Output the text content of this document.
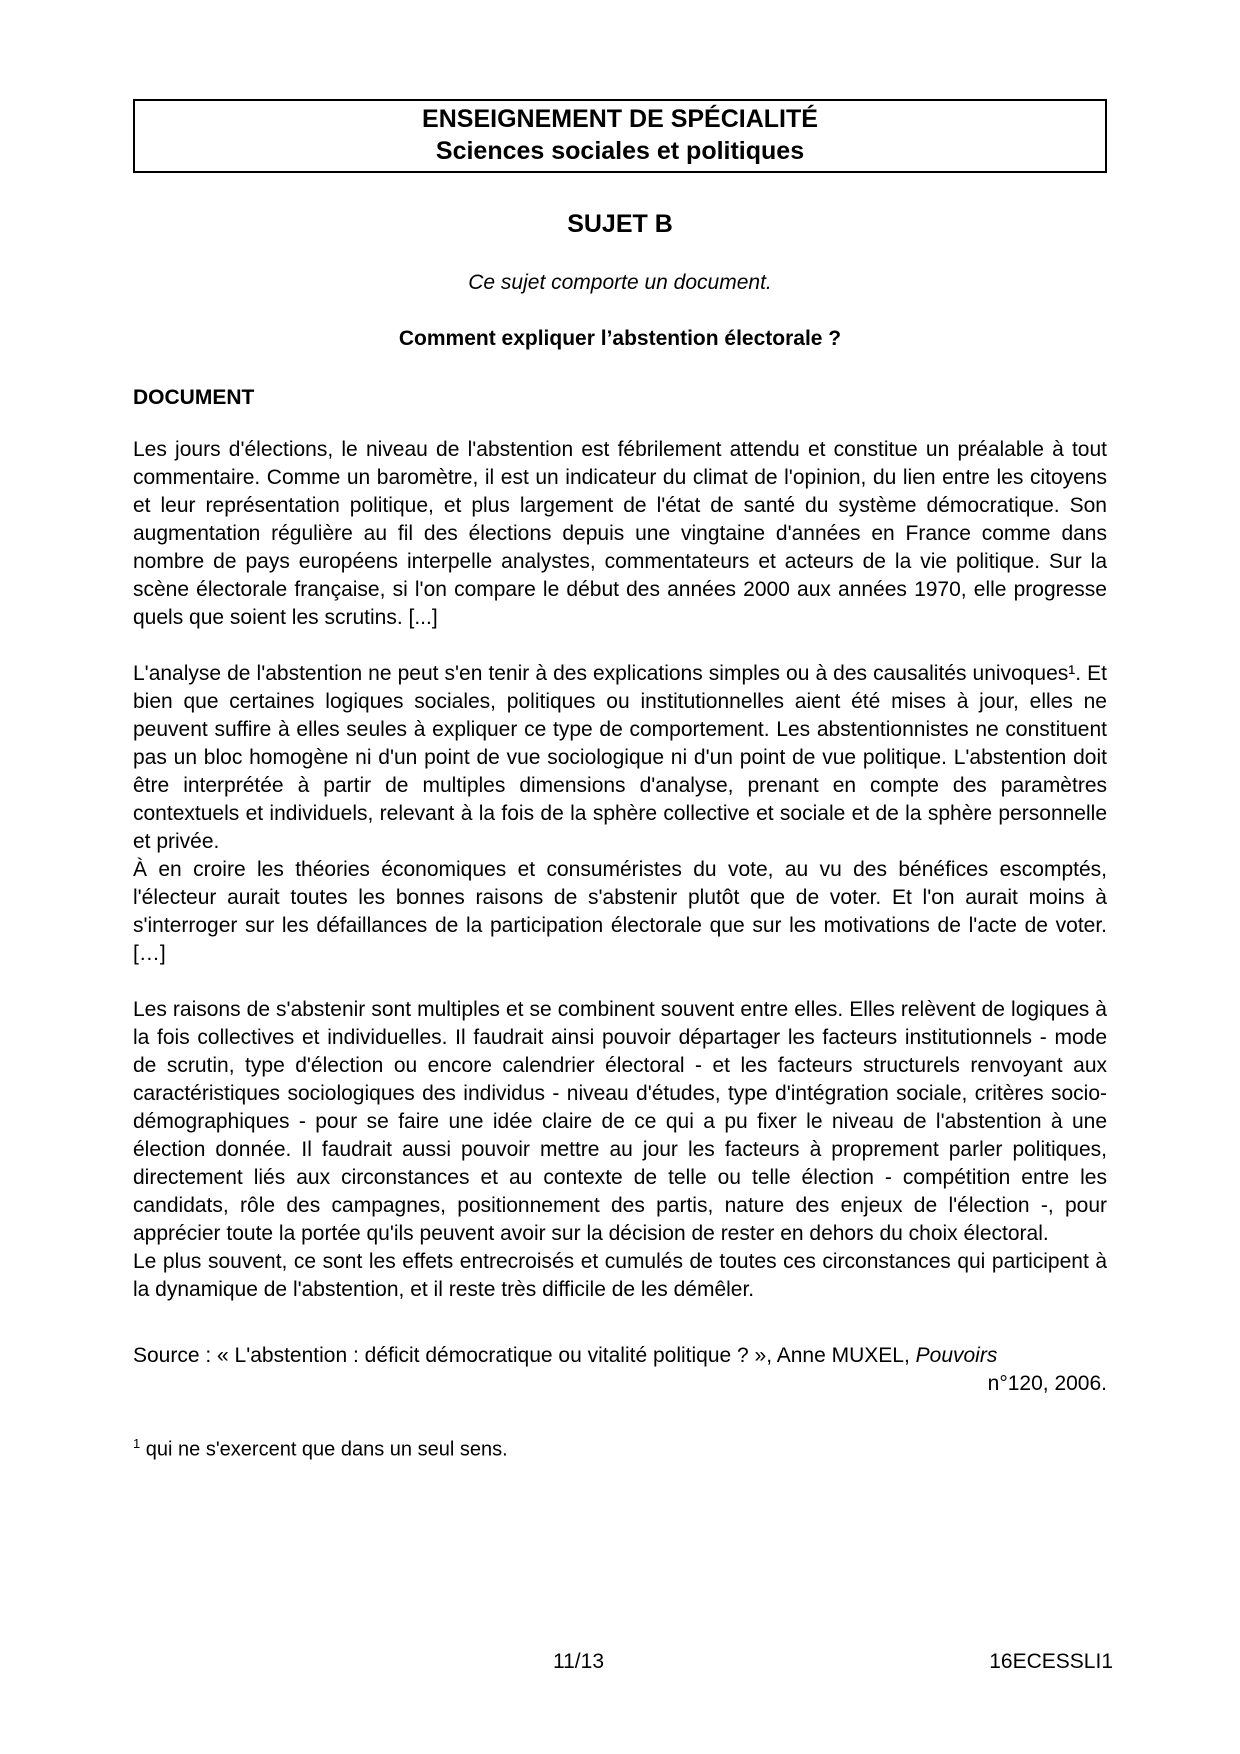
ENSEIGNEMENT DE SPÉCIALITÉ
Sciences sociales et politiques
SUJET B
Ce sujet comporte un document.
Comment expliquer l’abstention électorale ?
DOCUMENT

Les jours d'élections, le niveau de l'abstention est fébrilement attendu et constitue un préalable à tout commentaire. Comme un baromètre, il est un indicateur du climat de l'opinion, du lien entre les citoyens et leur représentation politique, et plus largement de l'état de santé du système démocratique. Son augmentation régulière au fil des élections depuis une vingtaine d'années en France comme dans nombre de pays européens interpelle analystes, commentateurs et acteurs de la vie politique. Sur la scène électorale française, si l'on compare le début des années 2000 aux années 1970, elle progresse quels que soient les scrutins. [...]

L'analyse de l'abstention ne peut s'en tenir à des explications simples ou à des causalités univoques¹. Et bien que certaines logiques sociales, politiques ou institutionnelles aient été mises à jour, elles ne peuvent suffire à elles seules à expliquer ce type de comportement. Les abstentionnistes ne constituent pas un bloc homogène ni d'un point de vue sociologique ni d'un point de vue politique. L'abstention doit être interprétée à partir de multiples dimensions d'analyse, prenant en compte des paramètres contextuels et individuels, relevant à la fois de la sphère collective et sociale et de la sphère personnelle et privée.

À en croire les théories économiques et consuméristes du vote, au vu des bénéfices escomptés, l'électeur aurait toutes les bonnes raisons de s'abstenir plutôt que de voter. Et l'on aurait moins à s'interroger sur les défaillances de la participation électorale que sur les motivations de l'acte de voter. […]

Les raisons de s'abstenir sont multiples et se combinent souvent entre elles. Elles relèvent de logiques à la fois collectives et individuelles. Il faudrait ainsi pouvoir départager les facteurs institutionnels - mode de scrutin, type d'élection ou encore calendrier électoral - et les facteurs structurels renvoyant aux caractéristiques sociologiques des individus - niveau d'études, type d'intégration sociale, critères socio-démographiques - pour se faire une idée claire de ce qui a pu fixer le niveau de l'abstention à une élection donnée. Il faudrait aussi pouvoir mettre au jour les facteurs à proprement parler politiques, directement liés aux circonstances et au contexte de telle ou telle élection - compétition entre les candidats, rôle des campagnes, positionnement des partis, nature des enjeux de l'élection -, pour apprécier toute la portée qu'ils peuvent avoir sur la décision de rester en dehors du choix électoral.

Le plus souvent, ce sont les effets entrecroisés et cumulés de toutes ces circonstances qui participent à la dynamique de l'abstention, et il reste très difficile de les démêler.

Source : « L'abstention : déficit démocratique ou vitalité politique ? », Anne MUXEL, Pouvoirs
n°120, 2006.

$^1$ qui ne s'exercent que dans un seul sens.

11/13	16ECESSLI1
